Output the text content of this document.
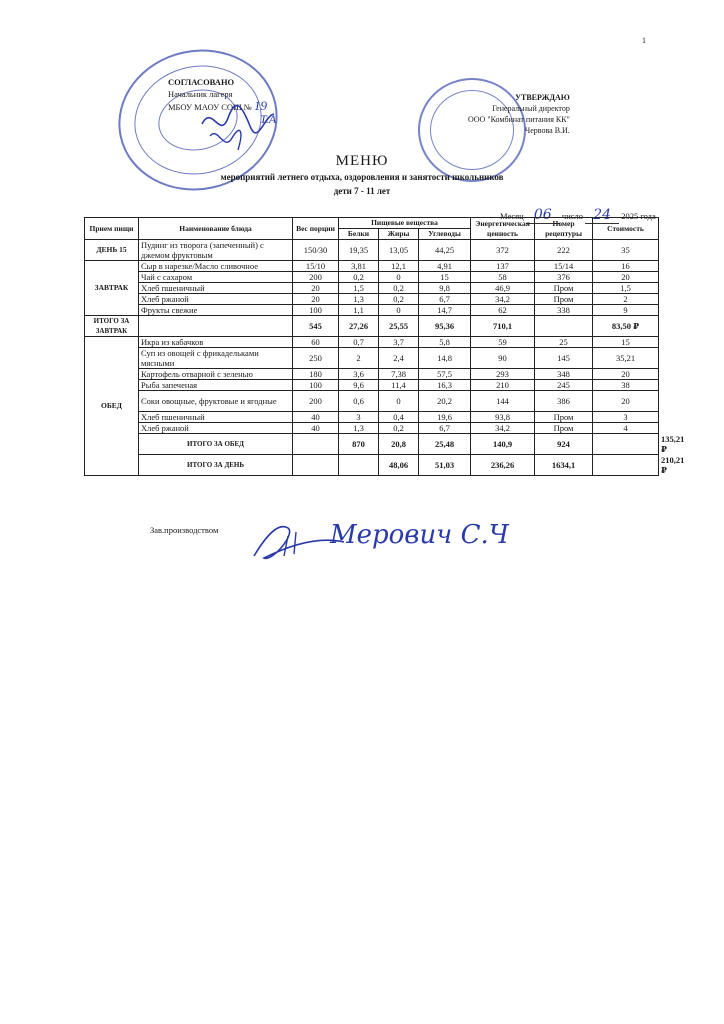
1
СОГЛАСОВАНО
Начальник лагеря
МБОУ МАОУ СОШ № 19
Т.А
УТВЕРЖДАЮ
Генеральный директор
ООО "Комбинат питания КК"
Червова В.И.
МЕНЮ
мероприятий летнего отдыха, оздоровления и занятости школьников
дети 7 - 11 лет
Месяц 06 число 24 2025 года
Прием пищи	Наименование блюда	Вес порции	Пищевые вещества			Энергетическая ценность	Номер рецептуры	Стоимость	
			Белки	Жиры	Углеводы				
ДЕНЬ 15	Пудинг из творога (запеченный) с джемом фруктовым	150/30	19,35	13,05	44,25	372	222	35	
ЗАВТРАК	Сыр в нарезке/Масло сливочное	15/10	3,81	12,1	4,91	137	15/14	16	
	Чай с сахаром	200	0,2	0	15	58	376	20	
	Хлеб пшеничный	20	1,5	0,2	9,8	46,9	Пром	1,5	
	Хлеб ржаной	20	1,3	0,2	6,7	34,2	Пром	2	
	Фрукты свежие	100	1,1	0	14,7	62	338	9	
ИТОГО ЗА ЗАВТРАК		545	27,26	25,55	95,36	710,1		83,50 ₽	
ОБЕД	Икра из кабачков	60	0,7	3,7	5,8	59	25	15	
	Суп из овощей с фрикадельками мясными	250	2	2,4	14,8	90	145	35,21	
	Картофель отварной с зеленью	180	3,6	7,38	57,5	293	348	20	
	Рыба запеченая	100	9,6	11,4	16,3	210	245	38	
	Соки овощные, фруктовые и ягодные	200	0,6	0	20,2	144	386	20	
	Хлеб пшеничный	40	3	0,4	19,6	93,8	Пром	3	
	Хлеб ржаной	40	1,3	0,2	6,7	34,2	Пром	4	
	ИТОГО ЗА ОБЕД		870	20,8	25,48	140,9	924		135,21 ₽
	ИТОГО ЗА ДЕНЬ			48,06	51,03	236,26	1634,1		210,21 ₽
Зав.производством	Мерович С.Ч
